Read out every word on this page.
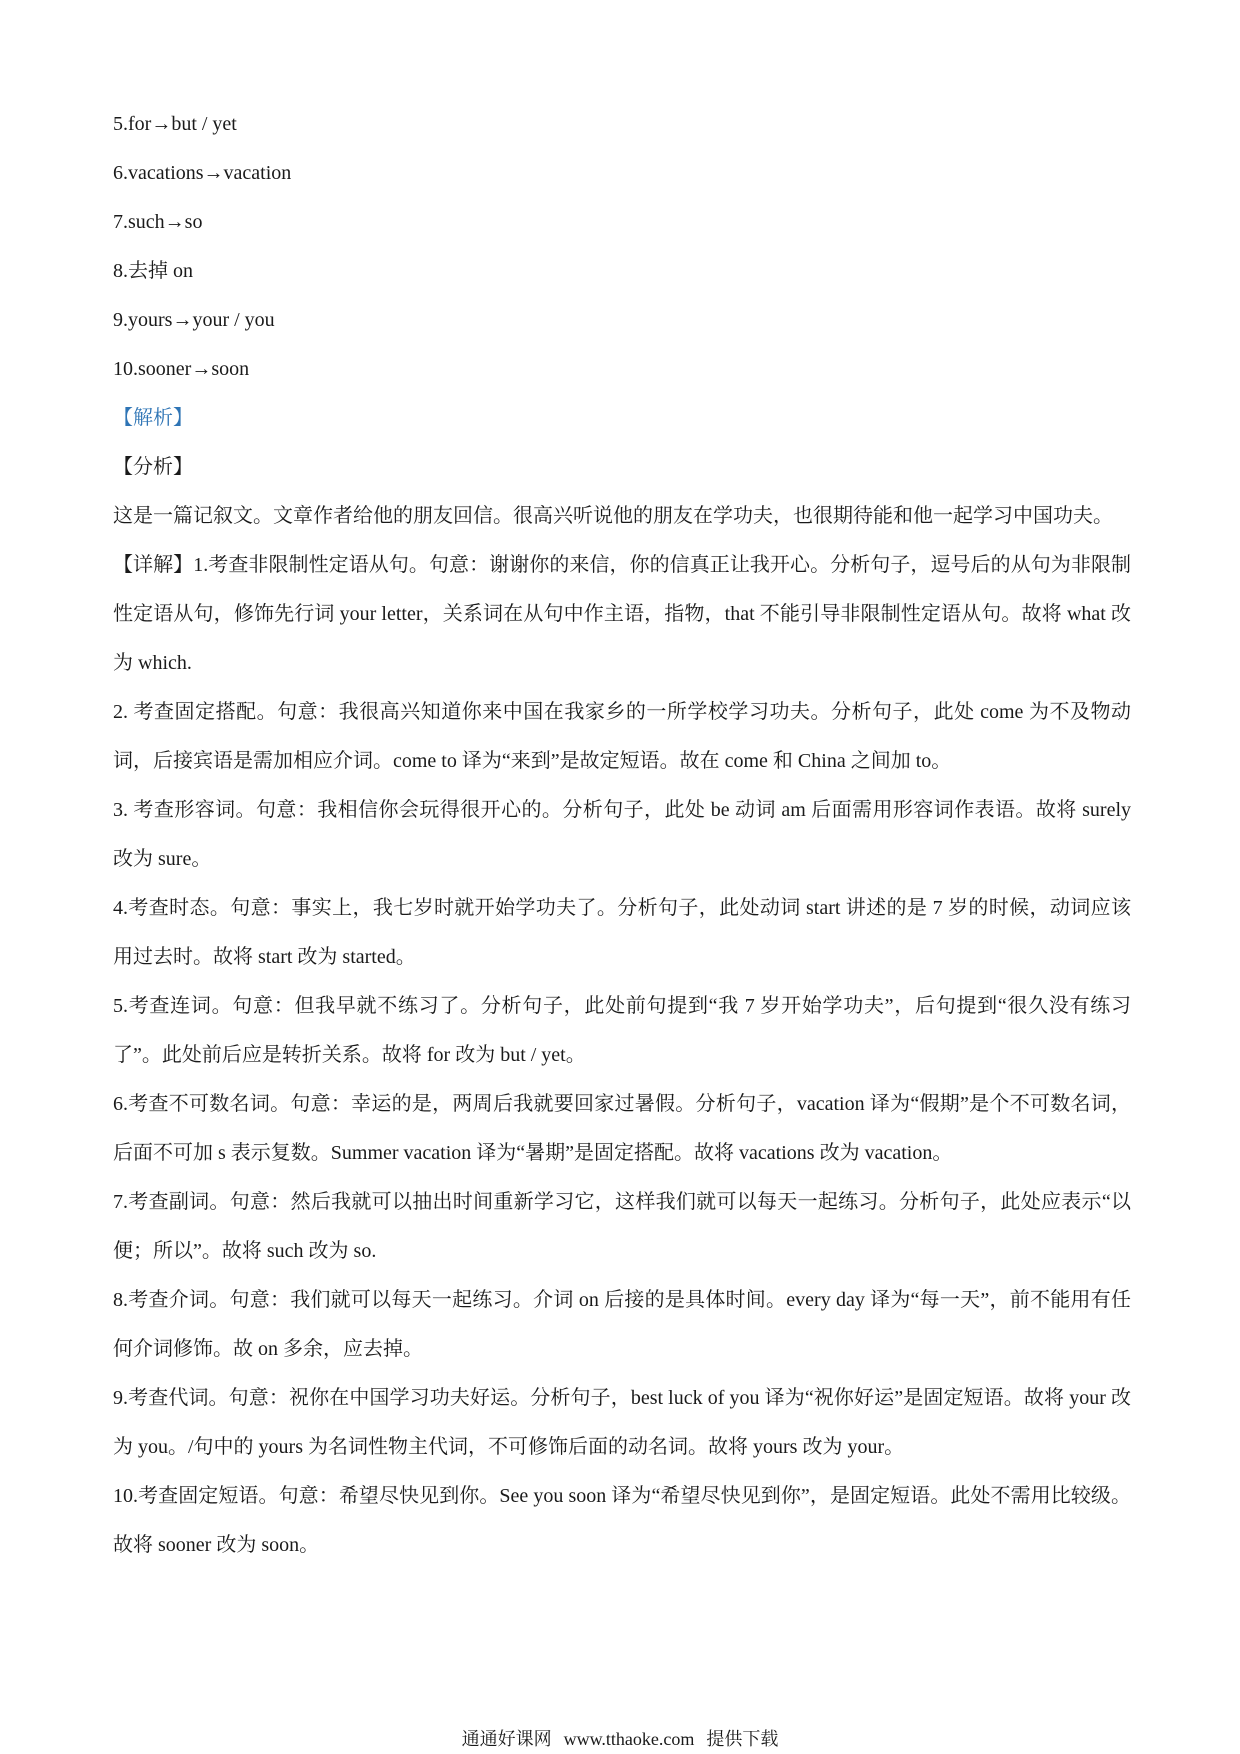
5.for→but / yet
6.vacations→vacation
7.such→so
8.去掉 on
9.yours→your / you
10.sooner→soon
【解析】
【分析】

这是一篇记叙文。文章作者给他的朋友回信。很高兴听说他的朋友在学功夫，也很期待能和他一起学习中国功夫。

【详解】1.考查非限制性定语从句。句意：谢谢你的来信，你的信真正让我开心。分析句子，逗号后的从句为非限制性定语从句，修饰先行词 your letter，关系词在从句中作主语，指物，that 不能引导非限制性定语从句。故将 what 改为 which.

2. 考查固定搭配。句意：我很高兴知道你来中国在我家乡的一所学校学习功夫。分析句子，此处 come 为不及物动词，后接宾语是需加相应介词。come to 译为“来到”是故定短语。故在 come 和 China 之间加 to。

3. 考查形容词。句意：我相信你会玩得很开心的。分析句子，此处 be 动词 am 后面需用形容词作表语。故将 surely 改为 sure。

4.考查时态。句意：事实上，我七岁时就开始学功夫了。分析句子，此处动词 start 讲述的是 7 岁的时候，动词应该用过去时。故将 start 改为 started。

5.考查连词。句意：但我早就不练习了。分析句子，此处前句提到“我 7 岁开始学功夫”，后句提到“很久没有练习了”。此处前后应是转折关系。故将 for 改为 but / yet。

6.考查不可数名词。句意：幸运的是，两周后我就要回家过暑假。分析句子，vacation 译为“假期”是个不可数名词，后面不可加 s 表示复数。Summer vacation 译为“暑期”是固定搭配。故将 vacations 改为 vacation。

7.考查副词。句意：然后我就可以抽出时间重新学习它，这样我们就可以每天一起练习。分析句子，此处应表示“以便；所以”。故将 such 改为 so.

8.考查介词。句意：我们就可以每天一起练习。介词 on 后接的是具体时间。every day 译为“每一天”，前不能用有任何介词修饰。故 on 多余，应去掉。

9.考查代词。句意：祝你在中国学习功夫好运。分析句子，best luck of you 译为“祝你好运”是固定短语。故将 your 改为 you。/句中的 yours 为名词性物主代词，不可修饰后面的动名词。故将 yours 改为 your。

10.考查固定短语。句意：希望尽快见到你。See you soon 译为“希望尽快见到你”，是固定短语。此处不需用比较级。故将 sooner 改为 soon。

通通好课网 www.tthaoke.com 提供下载
